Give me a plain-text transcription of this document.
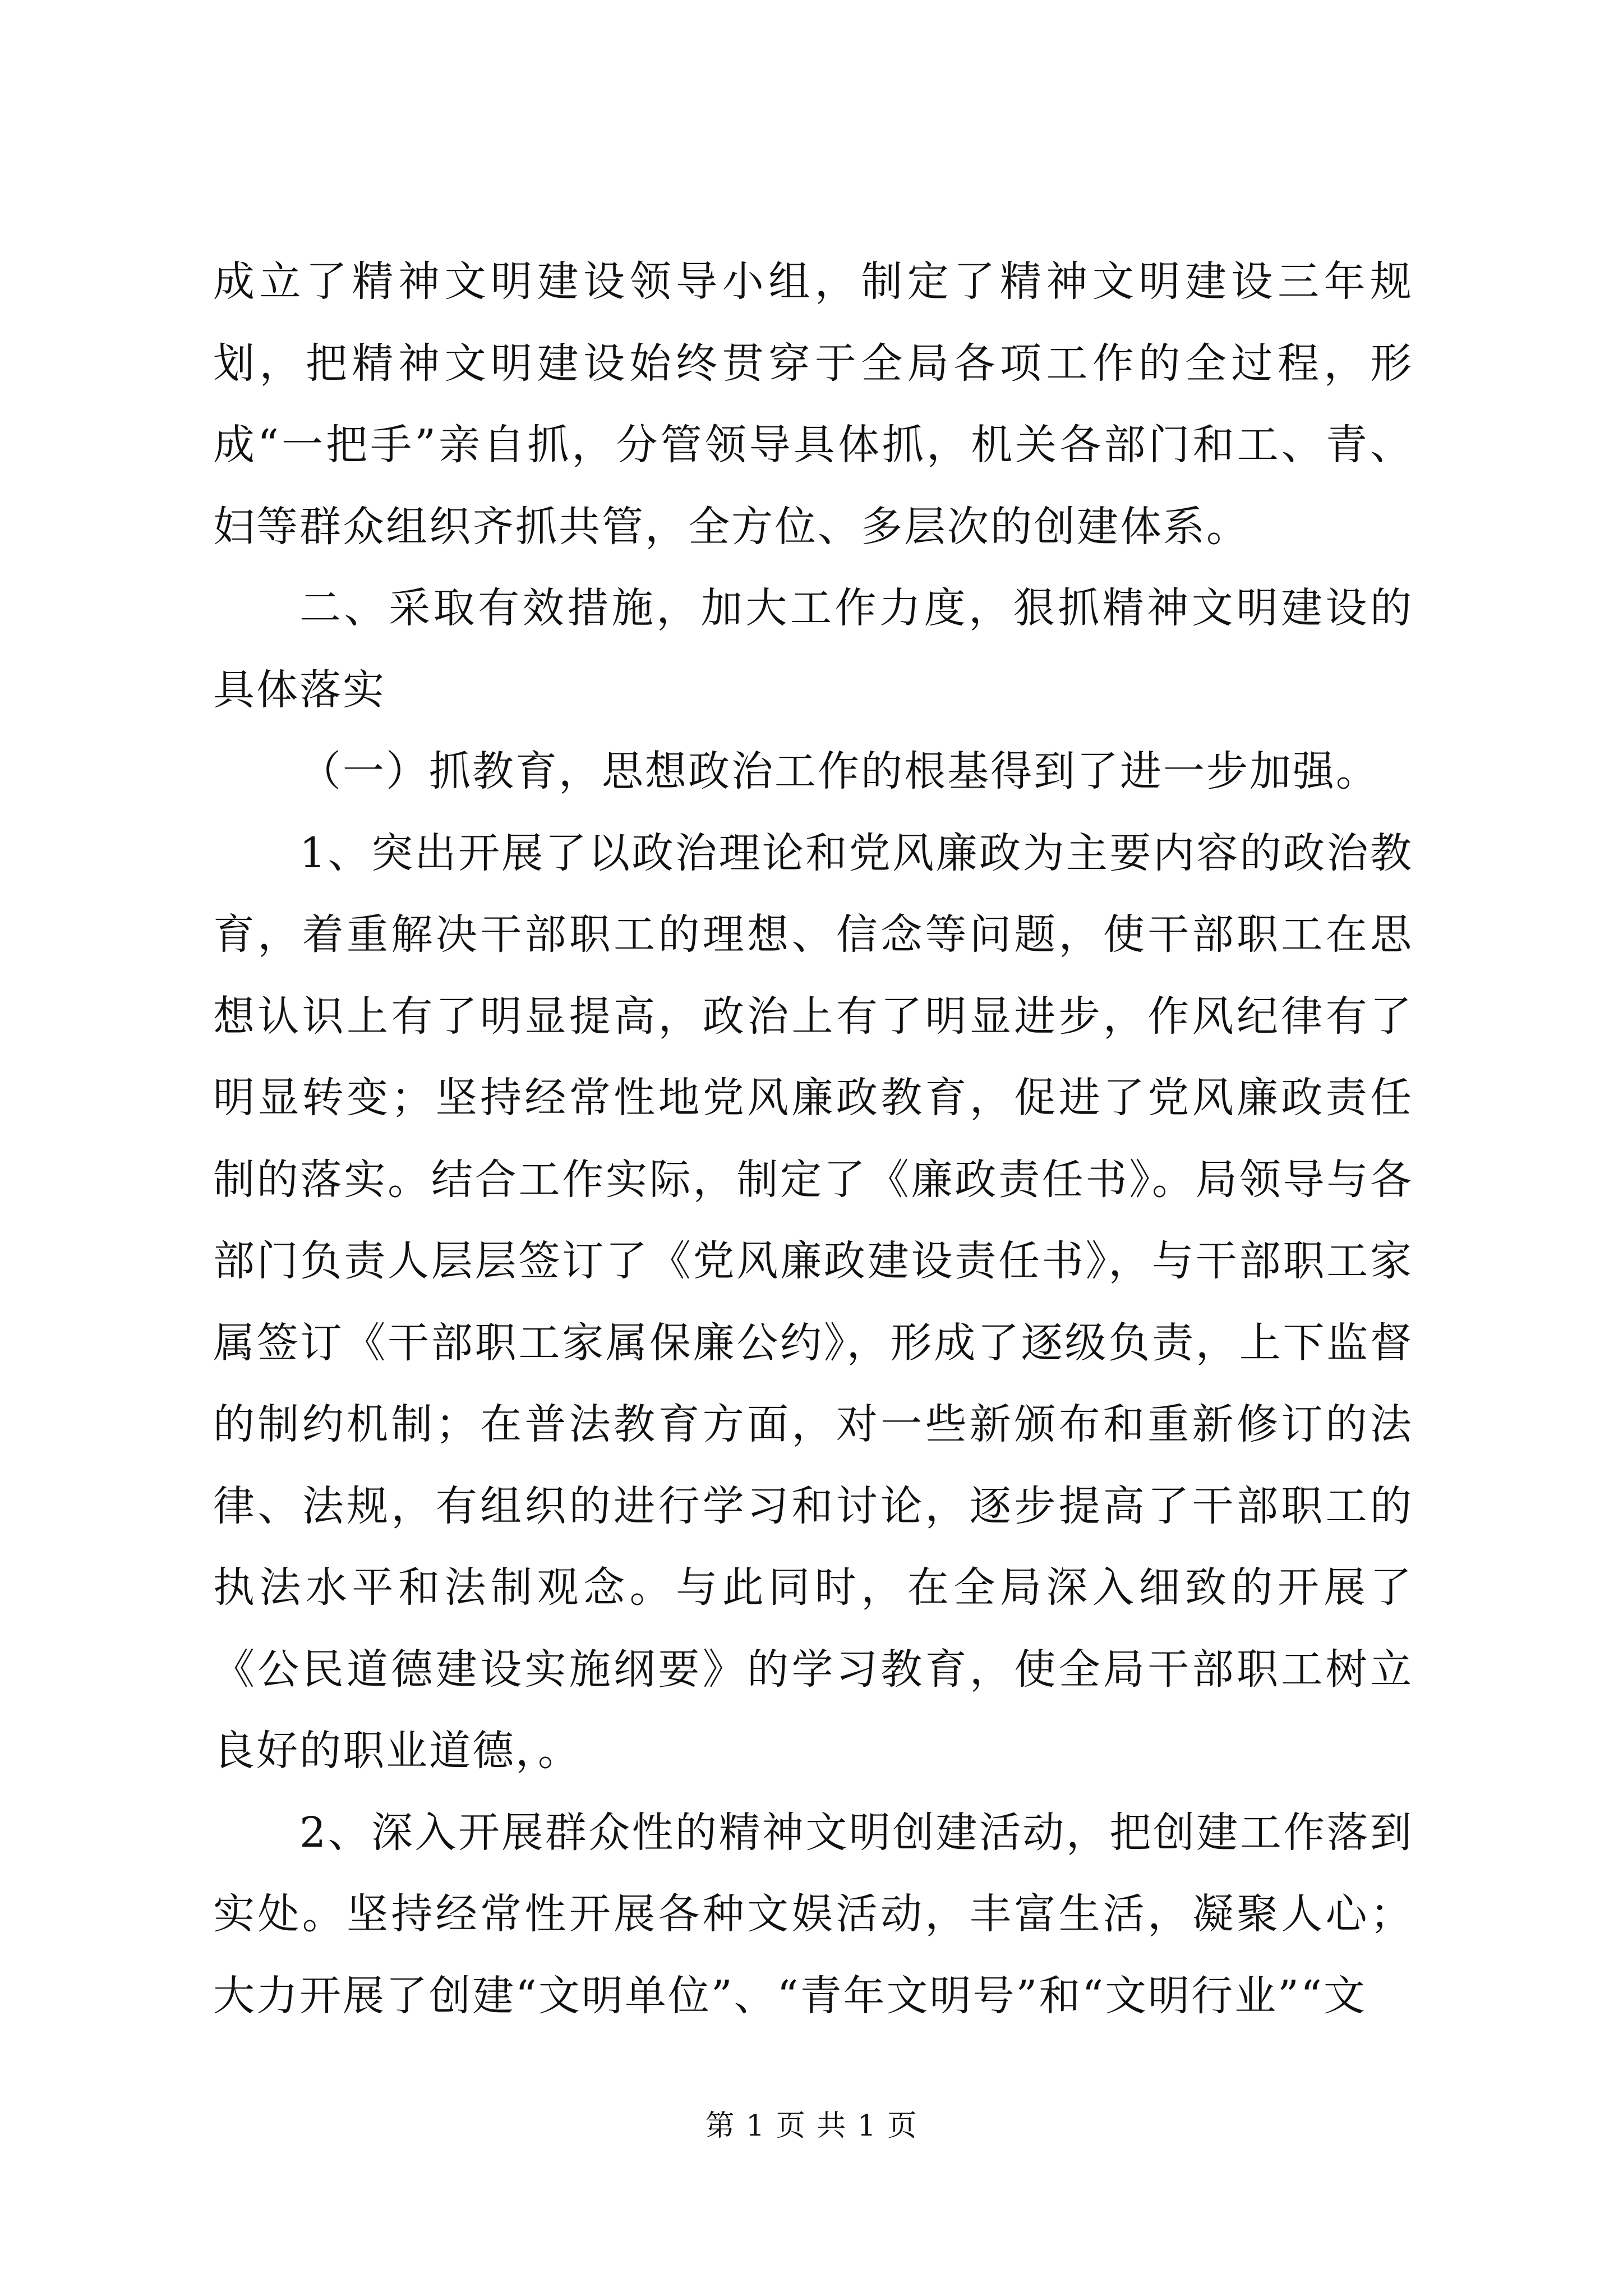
成立了精神文明建设领导小组，制定了精神文明建设三年规划，把精神文明建设始终贯穿于全局各项工作的全过程，形成“一把手”亲自抓，分管领导具体抓，机关各部门和工、青、妇等群众组织齐抓共管，全方位、多层次的创建体系。

二、采取有效措施，加大工作力度，狠抓精神文明建设的具体落实

（一）抓教育，思想政治工作的根基得到了进一步加强。

1、突出开展了以政治理论和党风廉政为主要内容的政治教育，着重解决干部职工的理想、信念等问题，使干部职工在思想认识上有了明显提高，政治上有了明显进步，作风纪律有了明显转变；坚持经常性地党风廉政教育，促进了党风廉政责任制的落实。结合工作实际，制定了《廉政责任书》。局领导与各部门负责人层层签订了《党风廉政建设责任书》，与干部职工家属签订《干部职工家属保廉公约》，形成了逐级负责，上下监督的制约机制；在普法教育方面，对一些新颁布和重新修订的法律、法规，有组织的进行学习和讨论，逐步提高了干部职工的执法水平和法制观念。与此同时，在全局深入细致的开展了《公民道德建设实施纲要》的学习教育，使全局干部职工树立良好的职业道德，。

2、深入开展群众性的精神文明创建活动，把创建工作落到实处。坚持经常性开展各种文娱活动，丰富生活，凝聚人心；大力开展了创建“文明单位”、“青年文明号”和“文明行业”“文

第 1 页 共 1 页
